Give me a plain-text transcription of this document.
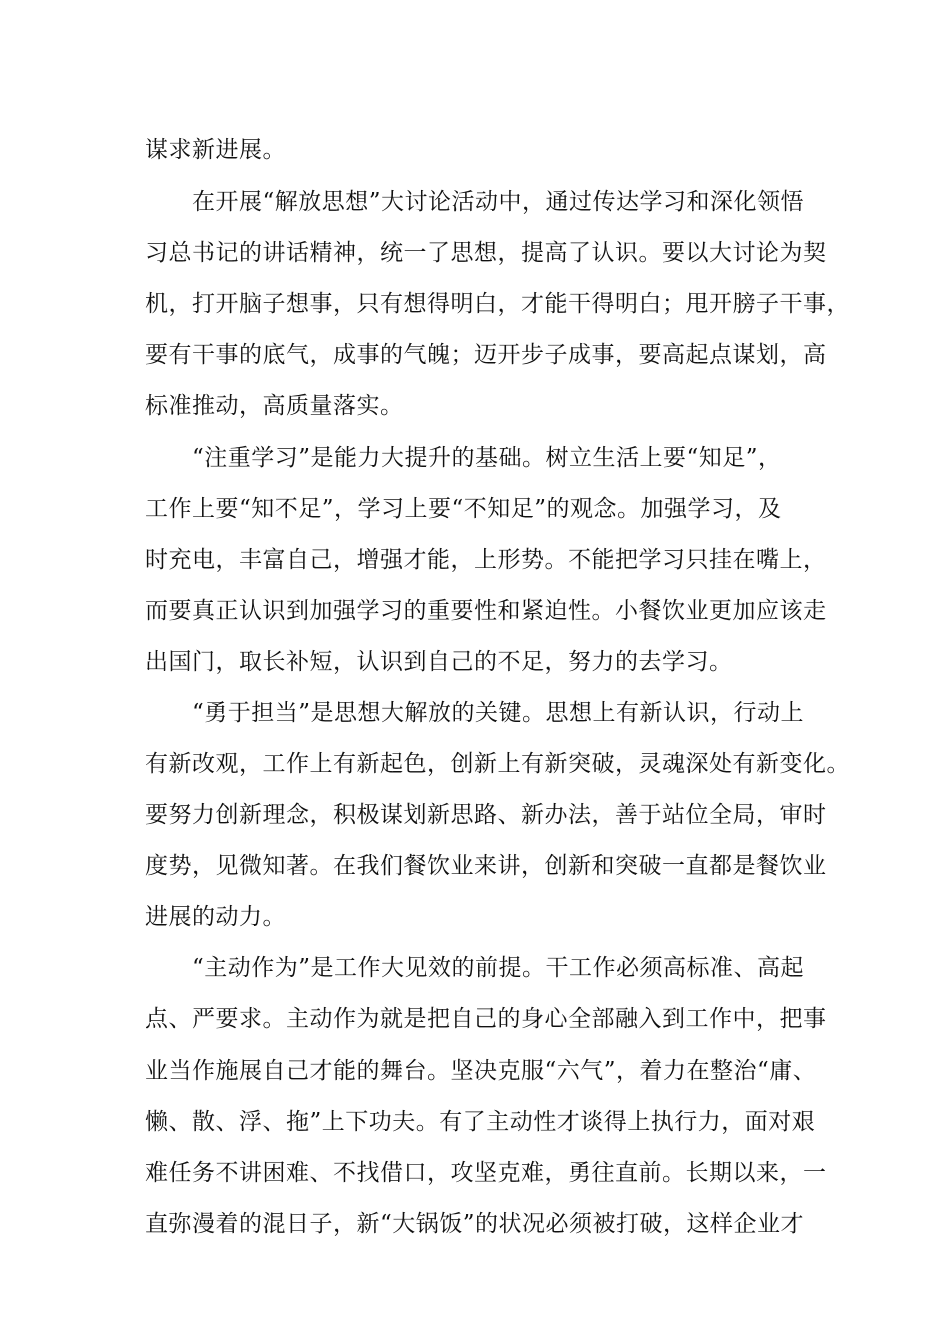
谋求新进展。
在开展“解放思想”大讨论活动中，通过传达学习和深化领悟
习总书记的讲话精神，统一了思想，提高了认识。要以大讨论为契
机，打开脑子想事，只有想得明白，才能干得明白；甩开膀子干事，
要有干事的底气，成事的气魄；迈开步子成事，要高起点谋划，高
标准推动，高质量落实。
“注重学习”是能力大提升的基础。树立生活上要“知足”，
工作上要“知不足”，学习上要“不知足”的观念。加强学习，及
时充电，丰富自己，增强才能，上形势。不能把学习只挂在嘴上，
而要真正认识到加强学习的重要性和紧迫性。小餐饮业更加应该走
出国门，取长补短，认识到自己的不足，努力的去学习。
“勇于担当”是思想大解放的关键。思想上有新认识，行动上
有新改观，工作上有新起色，创新上有新突破，灵魂深处有新变化。
要努力创新理念，积极谋划新思路、新办法，善于站位全局，审时
度势，见微知著。在我们餐饮业来讲，创新和突破一直都是餐饮业
进展的动力。
“主动作为”是工作大见效的前提。干工作必须高标准、高起
点、严要求。主动作为就是把自己的身心全部融入到工作中，把事
业当作施展自己才能的舞台。坚决克服“六气”，着力在整治“庸、
懒、散、浮、拖”上下功夫。有了主动性才谈得上执行力，面对艰
难任务不讲困难、不找借口，攻坚克难，勇往直前。长期以来，一
直弥漫着的混日子，新“大锅饭”的状况必须被打破，这样企业才
